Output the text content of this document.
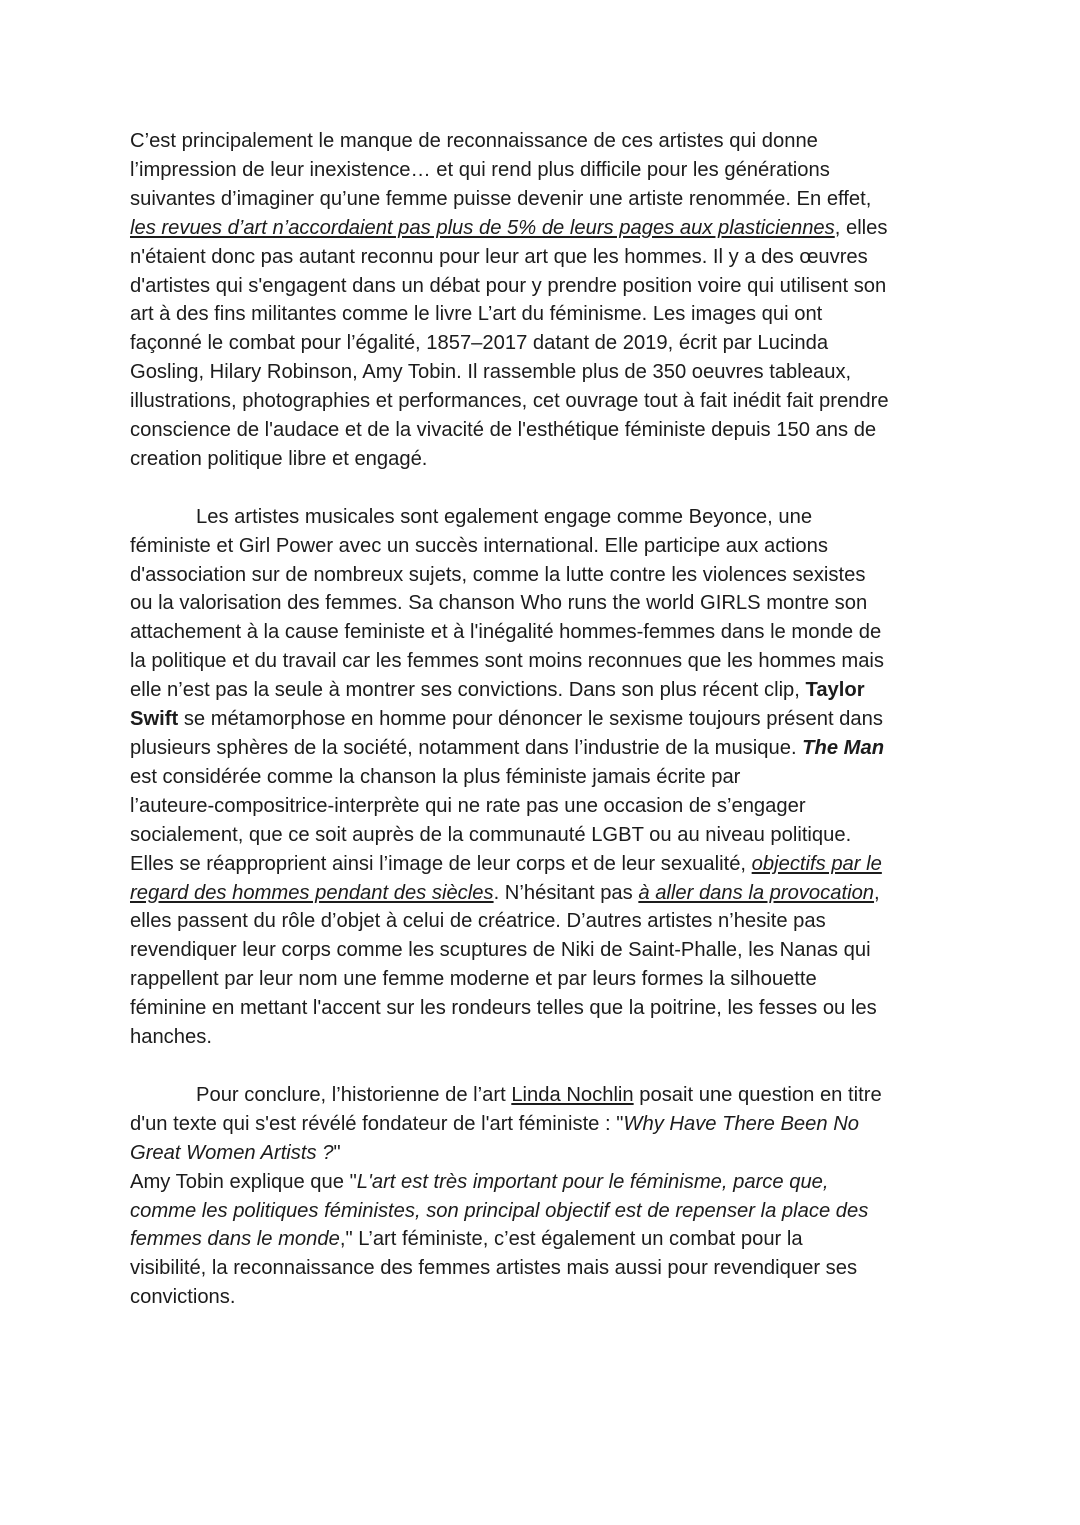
C’est principalement le manque de reconnaissance de ces artistes qui donne
l’impression de leur inexistence… et qui rend plus difficile pour les générations
suivantes d’imaginer qu’une femme puisse devenir une artiste renommée. En effet,
les revues d’art n’accordaient pas plus de 5% de leurs pages aux plasticiennes, elles
n'étaient donc pas autant reconnu pour leur art que les hommes. Il y a des œuvres
d'artistes qui s'engagent dans un débat pour y prendre position voire qui utilisent son
art à des fins militantes comme le livre L’art du féminisme. Les images qui ont
façonné le combat pour l’égalité, 1857–2017 datant de 2019, écrit par Lucinda
Gosling, Hilary Robinson, Amy Tobin. Il rassemble plus de 350 oeuvres tableaux,
illustrations, photographies et performances, cet ouvrage tout à fait inédit fait prendre
conscience de l'audace et de la vivacité de l'esthétique féministe depuis 150 ans de
creation politique libre et engagé.
Les artistes musicales sont egalement engage comme Beyonce, une
féministe et Girl Power avec un succès international. Elle participe aux actions
d'association sur de nombreux sujets, comme la lutte contre les violences sexistes
ou la valorisation des femmes. Sa chanson Who runs the world GIRLS montre son
attachement à la cause feministe et à l'inégalité hommes-femmes dans le monde de
la politique et du travail car les femmes sont moins reconnues que les hommes mais
elle n’est pas la seule à montrer ses convictions. Dans son plus récent clip, Taylor
Swift se métamorphose en homme pour dénoncer le sexisme toujours présent dans
plusieurs sphères de la société, notamment dans l’industrie de la musique. The Man
est considérée comme la chanson la plus féministe jamais écrite par
l’auteure-compositrice-interprète qui ne rate pas une occasion de s’engager
socialement, que ce soit auprès de la communauté LGBT ou au niveau politique.
Elles se réapproprient ainsi l’image de leur corps et de leur sexualité, objectifs par le
regard des hommes pendant des siècles. N’hésitant pas à aller dans la provocation,
elles passent du rôle d’objet à celui de créatrice. D’autres artistes n’hesite pas
revendiquer leur corps comme les scuptures de Niki de Saint-Phalle, les Nanas qui
rappellent par leur nom une femme moderne et par leurs formes la silhouette
féminine en mettant l'accent sur les rondeurs telles que la poitrine, les fesses ou les
hanches.
Pour conclure, l’historienne de l’art Linda Nochlin posait une question en titre
d'un texte qui s'est révélé fondateur de l'art féministe : "Why Have There Been No
Great Women Artists ?"
Amy Tobin explique que "L'art est très important pour le féminisme, parce que,
comme les politiques féministes, son principal objectif est de repenser la place des
femmes dans le monde," L’art féministe, c’est également un combat pour la
visibilité, la reconnaissance des femmes artistes mais aussi pour revendiquer ses
convictions.
